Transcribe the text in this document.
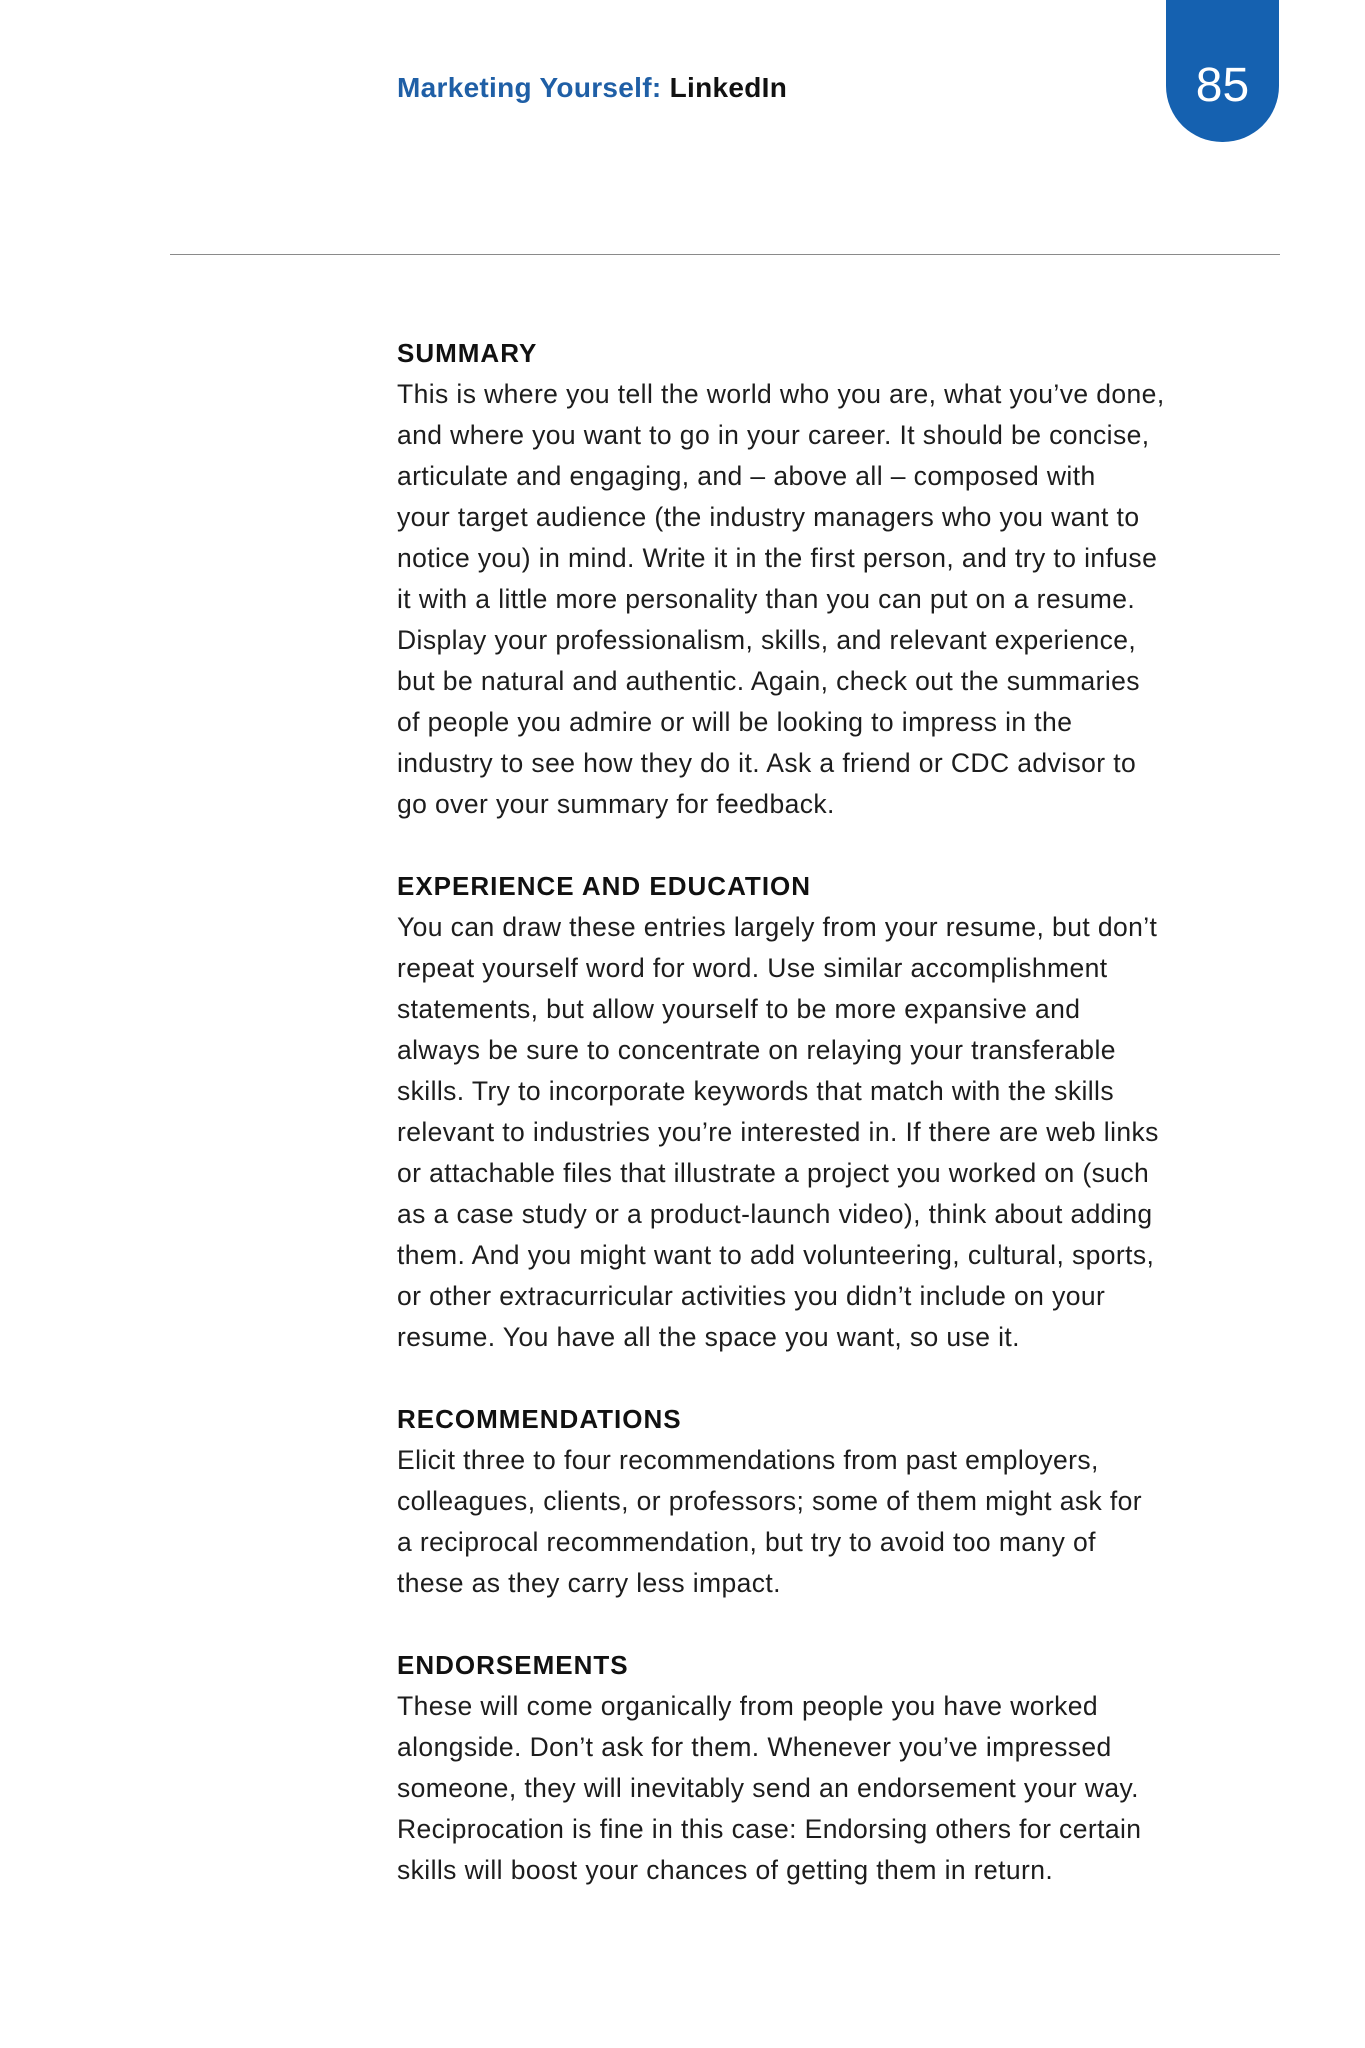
Marketing Yourself: LinkedIn	85
SUMMARY
This is where you tell the world who you are, what you’ve done,
and where you want to go in your career. It should be concise,
articulate and engaging, and – above all – composed with
your target audience (the industry managers who you want to
notice you) in mind. Write it in the first person, and try to infuse
it with a little more personality than you can put on a resume.
Display your professionalism, skills, and relevant experience,
but be natural and authentic. Again, check out the summaries
of people you admire or will be looking to impress in the
industry to see how they do it. Ask a friend or CDC advisor to
go over your summary for feedback.
EXPERIENCE AND EDUCATION
You can draw these entries largely from your resume, but don’t
repeat yourself word for word. Use similar accomplishment
statements, but allow yourself to be more expansive and
always be sure to concentrate on relaying your transferable
skills. Try to incorporate keywords that match with the skills
relevant to industries you’re interested in. If there are web links
or attachable files that illustrate a project you worked on (such
as a case study or a product-launch video), think about adding
them. And you might want to add volunteering, cultural, sports,
or other extracurricular activities you didn’t include on your
resume. You have all the space you want, so use it.
RECOMMENDATIONS
Elicit three to four recommendations from past employers,
colleagues, clients, or professors; some of them might ask for
a reciprocal recommendation, but try to avoid too many of
these as they carry less impact.
ENDORSEMENTS
These will come organically from people you have worked
alongside. Don’t ask for them. Whenever you’ve impressed
someone, they will inevitably send an endorsement your way.
Reciprocation is fine in this case: Endorsing others for certain
skills will boost your chances of getting them in return.
